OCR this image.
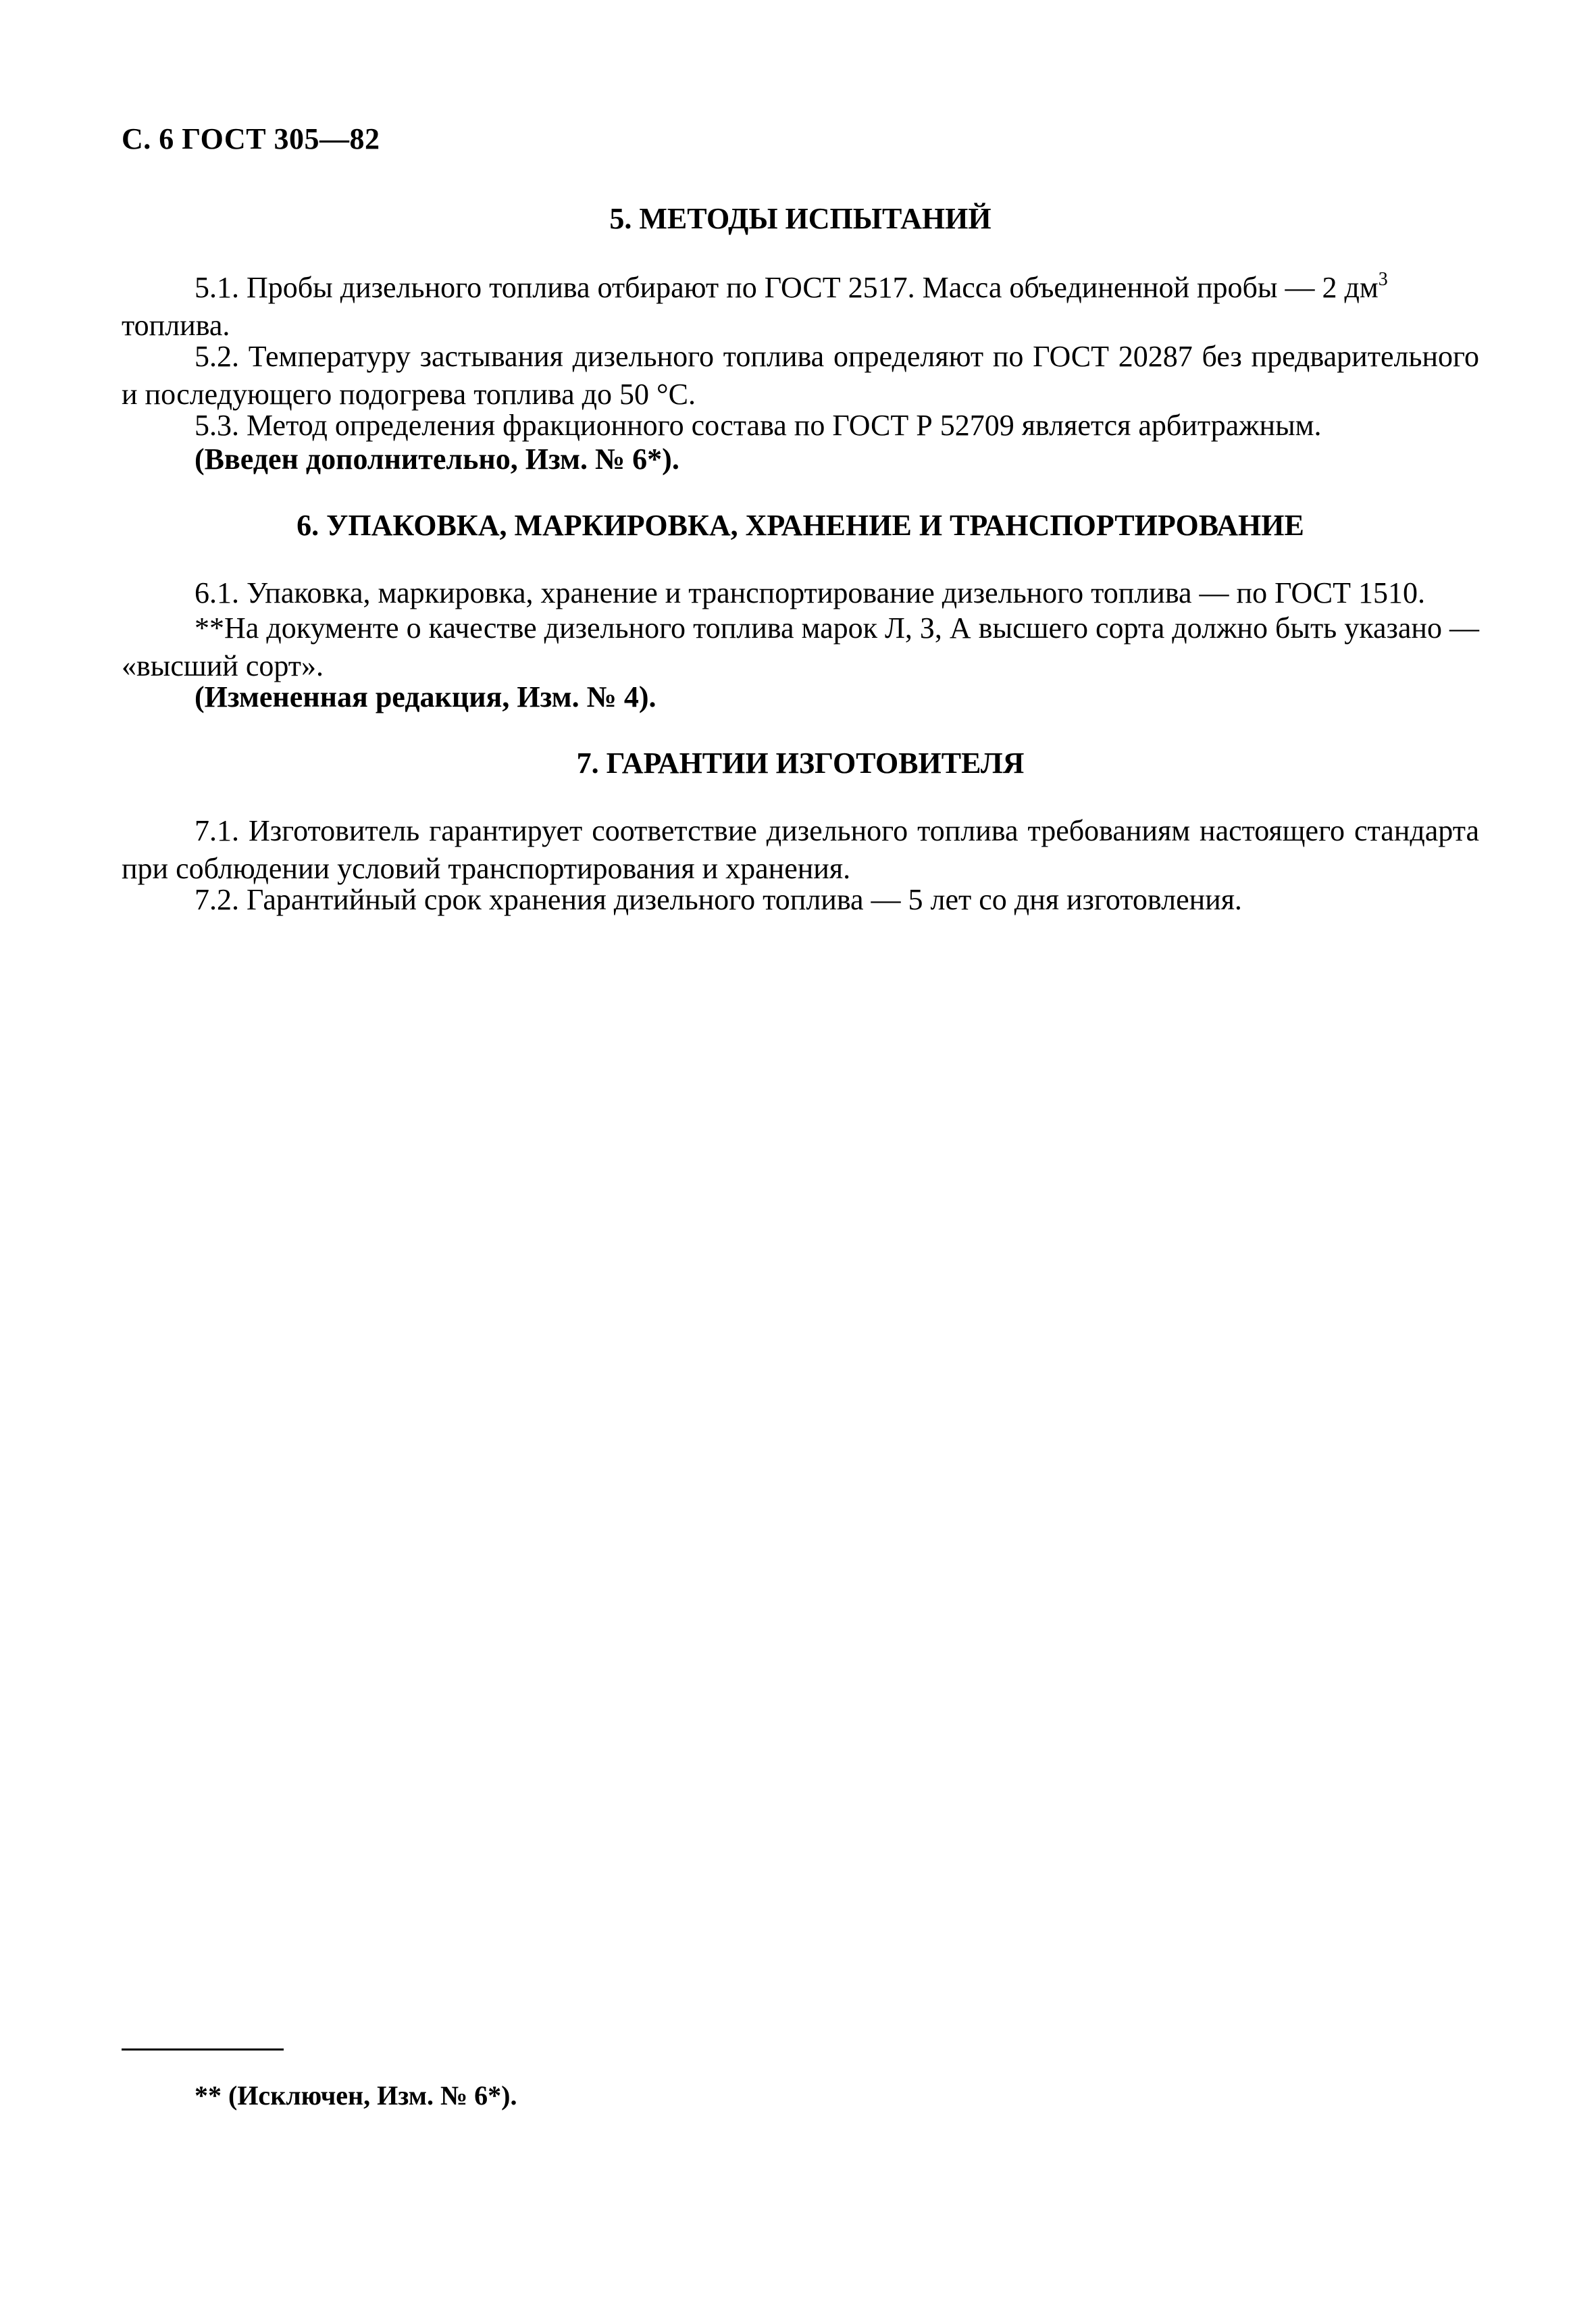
С. 6 ГОСТ 305—82
5. МЕТОДЫ ИСПЫТАНИЙ
5.1. Пробы дизельного топлива отбирают по ГОСТ 2517. Масса объединенной пробы — 2 $дм^3$
топлива.
5.2. Температуру застывания дизельного топлива определяют по ГОСТ 20287 без предварительного и последующего подогрева топлива до 50 °С.
5.3. Метод определения фракционного состава по ГОСТ Р 52709 является арбитражным.
(Введен дополнительно, Изм. № 6*).
6. УПАКОВКА, МАРКИРОВКА, ХРАНЕНИЕ И ТРАНСПОРТИРОВАНИЕ
6.1. Упаковка, маркировка, хранение и транспортирование дизельного топлива — по ГОСТ 1510.
**На документе о качестве дизельного топлива марок Л, З, А высшего сорта должно быть указано — «высший сорт».
(Измененная редакция, Изм. № 4).
7. ГАРАНТИИ ИЗГОТОВИТЕЛЯ
7.1. Изготовитель гарантирует соответствие дизельного топлива требованиям настоящего стандарта при соблюдении условий транспортирования и хранения.
7.2. Гарантийный срок хранения дизельного топлива — 5 лет со дня изготовления.
** (Исключен, Изм. № 6*).
